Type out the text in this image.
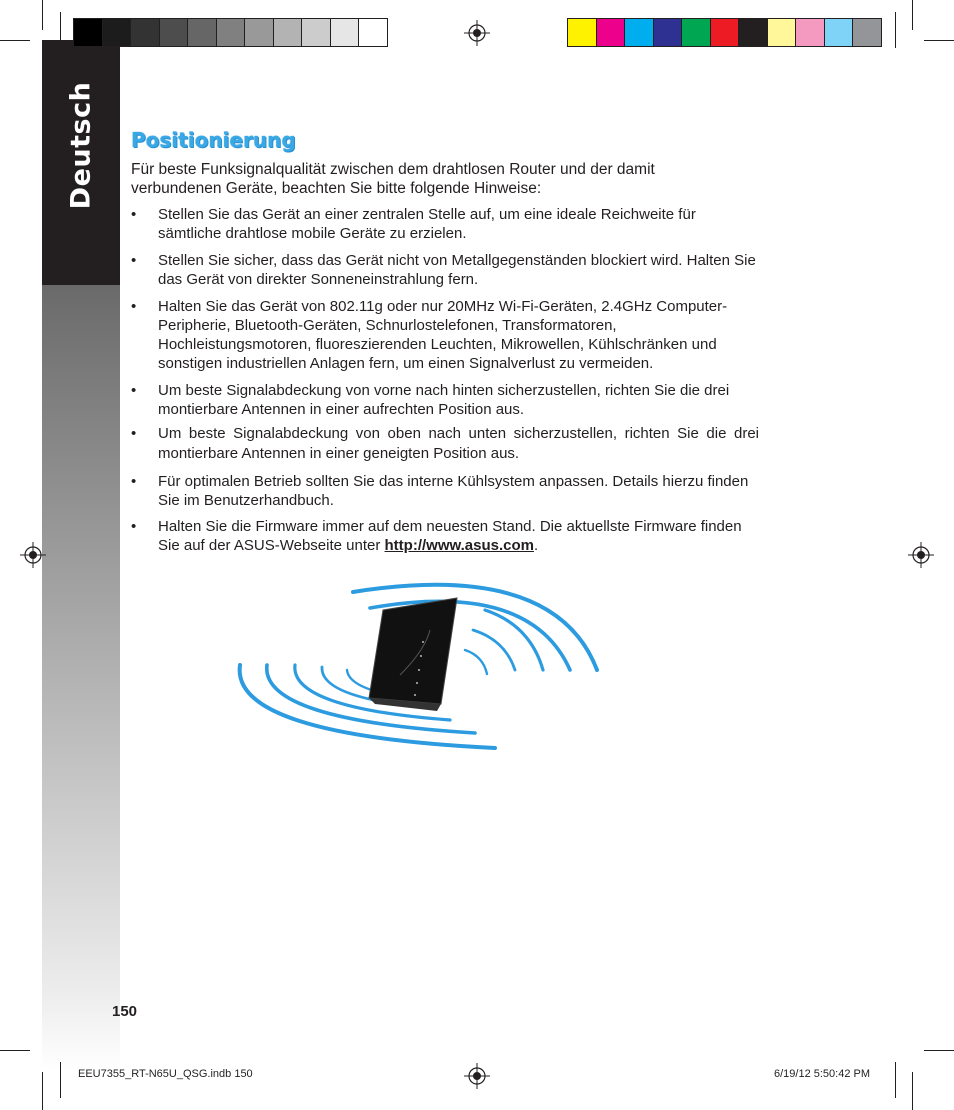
Deutsch Positionierung

Für beste Funksignalqualität zwischen dem drahtlosen Router und der damit verbundenen Geräte, beachten Sie bitte folgende Hinweise:

• Stellen Sie das Gerät an einer zentralen Stelle auf, um eine ideale Reichweite für sämtliche drahtlose mobile Geräte zu erzielen.
• Stellen Sie sicher, dass das Gerät nicht von Metallgegenständen blockiert wird. Halten Sie das Gerät von direkter Sonneneinstrahlung fern.
• Halten Sie das Gerät von 802.11g oder nur 20MHz Wi-Fi-Geräten, 2.4GHz Computer-Peripherie, Bluetooth-Geräten, Schnurlostelefonen, Transformatoren, Hochleistungsmotoren, fluoreszierenden Leuchten, Mikrowellen, Kühlschränken und sonstigen industriellen Anlagen fern, um einen Signalverlust zu vermeiden.
• Um beste Signalabdeckung von vorne nach hinten sicherzustellen, richten Sie die drei montierbare Antennen in einer aufrechten Position aus.
• Um beste Signalabdeckung von oben nach unten sicherzustellen, richten Sie die drei montierbare Antennen in einer geneigten Position aus.
• Für optimalen Betrieb sollten Sie das interne Kühlsystem anpassen. Details hierzu finden Sie im Benutzerhandbuch.
• Halten Sie die Firmware immer auf dem neuesten Stand. Die aktuellste Firmware finden Sie auf der ASUS-Webseite unter http://www.asus.com.
150
EEU7355_RT-N65U_QSG.indb 150	6/19/12 5:50:42 PM
